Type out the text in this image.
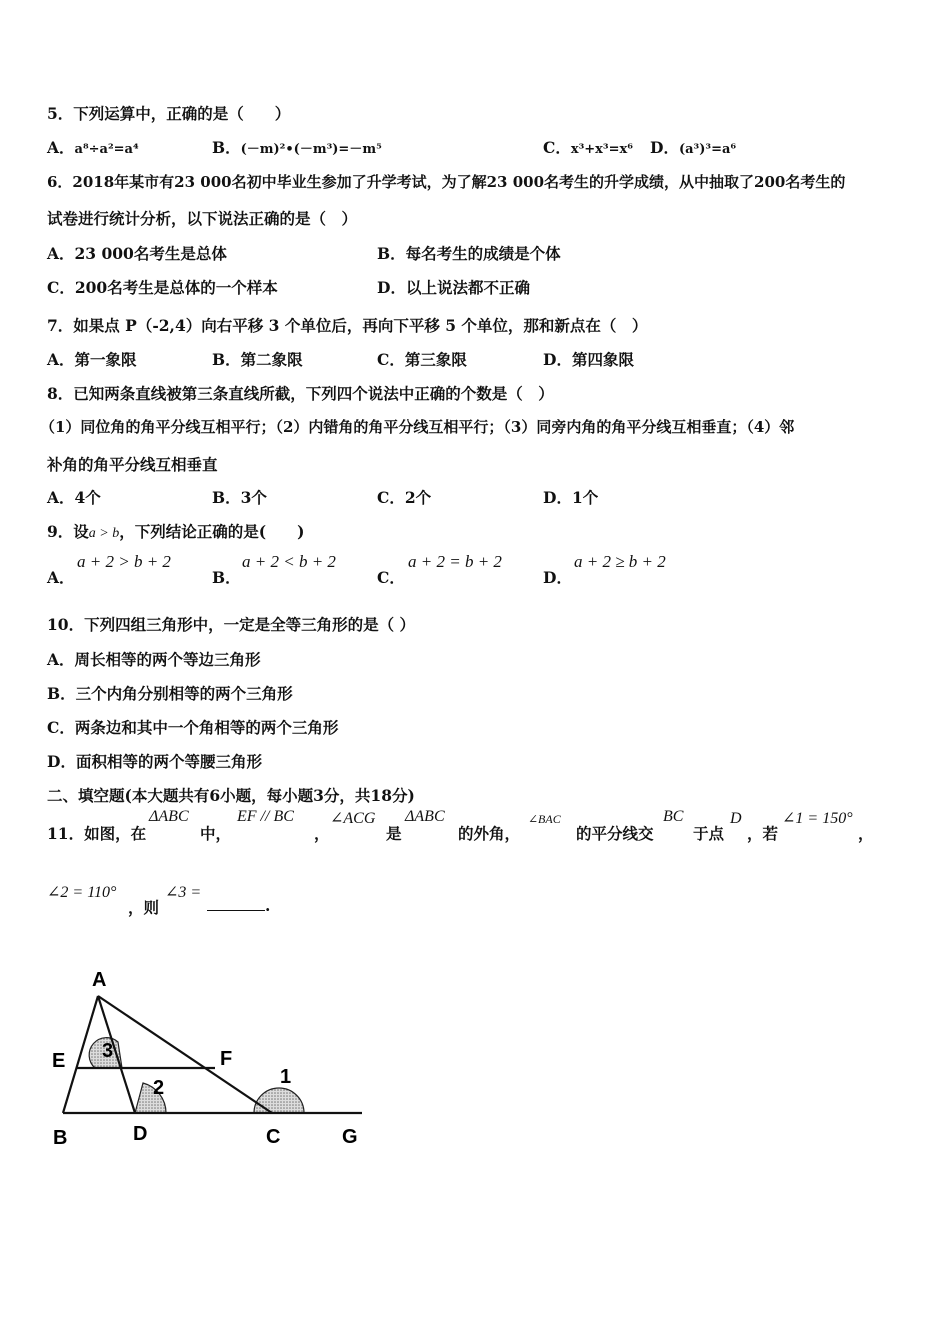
5．下列运算中，正确的是（　　）
A．a⁸÷a²=a⁴	B．(－m)²•(－m³)=－m⁵	C．x³+x³=x⁶ D．(a³)³=a⁶
6．2018年某市有23 000名初中毕业生参加了升学考试，为了解23 000名考生的升学成绩，从中抽取了200名考生的
试卷进行统计分析，以下说法正确的是（　）
A．23 000名考生是总体	B．每名考生的成绩是个体
C．200名考生是总体的一个样本	D．以上说法都不正确
7．如果点 P（-2,4）向右平移 3 个单位后，再向下平移 5 个单位，那和新点在（　）
A．第一象限	B．第二象限	C．第三象限	D．第四象限
8．已知两条直线被第三条直线所截，下列四个说法中正确的个数是（　）
（1）同位角的角平分线互相平行；（2）内错角的角平分线互相平行；（3）同旁内角的角平分线互相垂直；（4）邻
补角的角平分线互相垂直
A．4个	B．3个	C．2个	D．1个
9．设a > b，下列结论正确的是(　　)
A．
a + 2 > b + 2
B．
a + 2 < b + 2
C．
a + 2 = b + 2
D．
a + 2 ≥ b + 2
10．下列四组三角形中，一定是全等三角形的是（ ）
A．周长相等的两个等边三角形
B．三个内角分别相等的两个三角形
C．两条边和其中一个角相等的两个三角形
D．面积相等的两个等腰三角形
二、填空题(本大题共有6小题，每小题3分，共18分)
11．如图，在
ΔABC
中，
EF // BC
，
∠ACG
是
ΔABC
的外角，
∠BAC
的平分线交
BC
于点
D
，若
∠1 = 150°
，
∠2 = 110°
，则
∠3 =
.
A
B	D	C	G
E	F
1
2
3
